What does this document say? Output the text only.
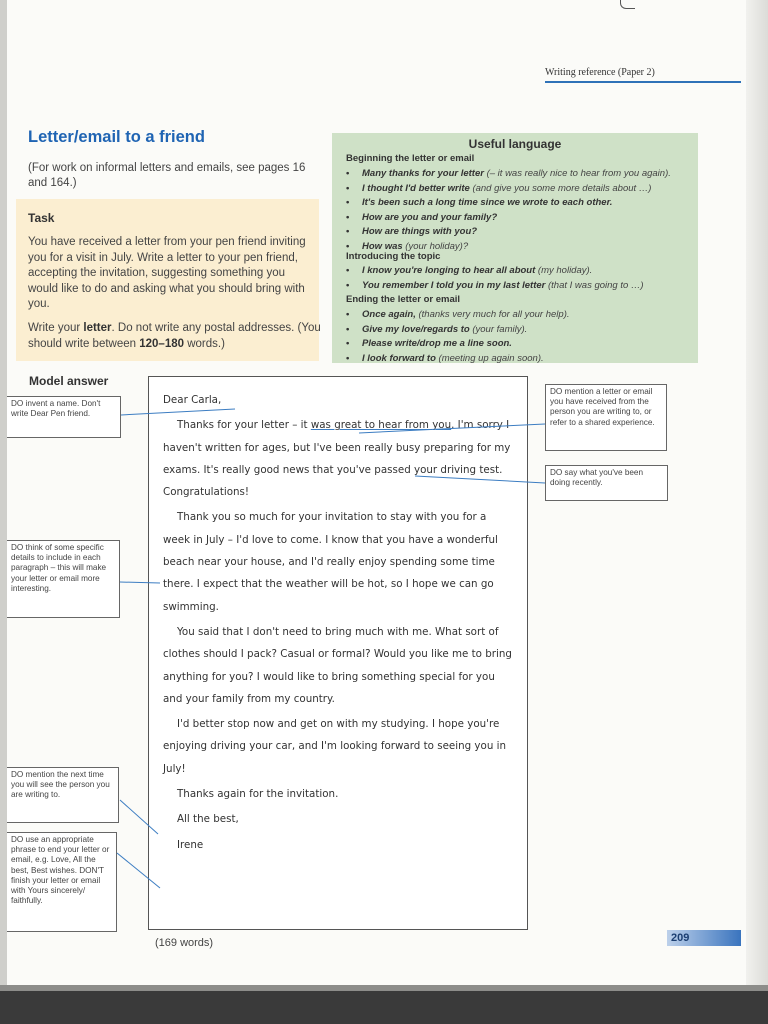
Writing reference (Paper 2)
Letter/email to a friend
(For work on informal letters and emails, see pages 16 and 164.)
Task
You have received a letter from your pen friend inviting you for a visit in July. Write a letter to your pen friend, accepting the invitation, suggesting something you would like to do and asking what you should bring with you.
Write your letter. Do not write any postal addresses. (You should write between 120–180 words.)
Useful language
Beginning the letter or email
• Many thanks for your letter (– it was really nice to hear from you again).
• I thought I'd better write (and give you some more details about …)
• It's been such a long time since we wrote to each other.
• How are you and your family?
• How are things with you?
• How was (your holiday)?
Introducing the topic
• I know you're longing to hear all about (my holiday).
• You remember I told you in my last letter (that I was going to …)
Ending the letter or email
• Once again, (thanks very much for all your help).
• Give my love/regards to (your family).
• Please write/drop me a line soon.
• I look forward to (meeting up again soon).
Model answer

Dear Carla,

Thanks for your letter – it was great to hear from you. I'm sorry I haven't written for ages, but I've been really busy preparing for my exams. It's really good news that you've passed your driving test. Congratulations!

Thank you so much for your invitation to stay with you for a week in July – I'd love to come. I know that you have a wonderful beach near your house, and I'd really enjoy spending some time there. I expect that the weather will be hot, so I hope we can go swimming.

You said that I don't need to bring much with me. What sort of clothes should I pack? Casual or formal? Would you like me to bring anything for you? I would like to bring something special for you and your family from my country.

I'd better stop now and get on with my studying. I hope you're enjoying driving your car, and I'm looking forward to seeing you in July!

Thanks again for the invitation.

All the best,

Irene

(169 words)
DO invent a name. Don't write Dear Pen friend.
DO think of some specific details to include in each paragraph – this will make your letter or email more interesting.
DO mention the next time you will see the person you are writing to.
DO use an appropriate phrase to end your letter or email, e.g. Love, All the best, Best wishes. DON'T finish your letter or email with Yours sincerely/ faithfully.
DO mention a letter or email you have received from the person you are writing to, or refer to a shared experience.
DO say what you've been doing recently.
209
